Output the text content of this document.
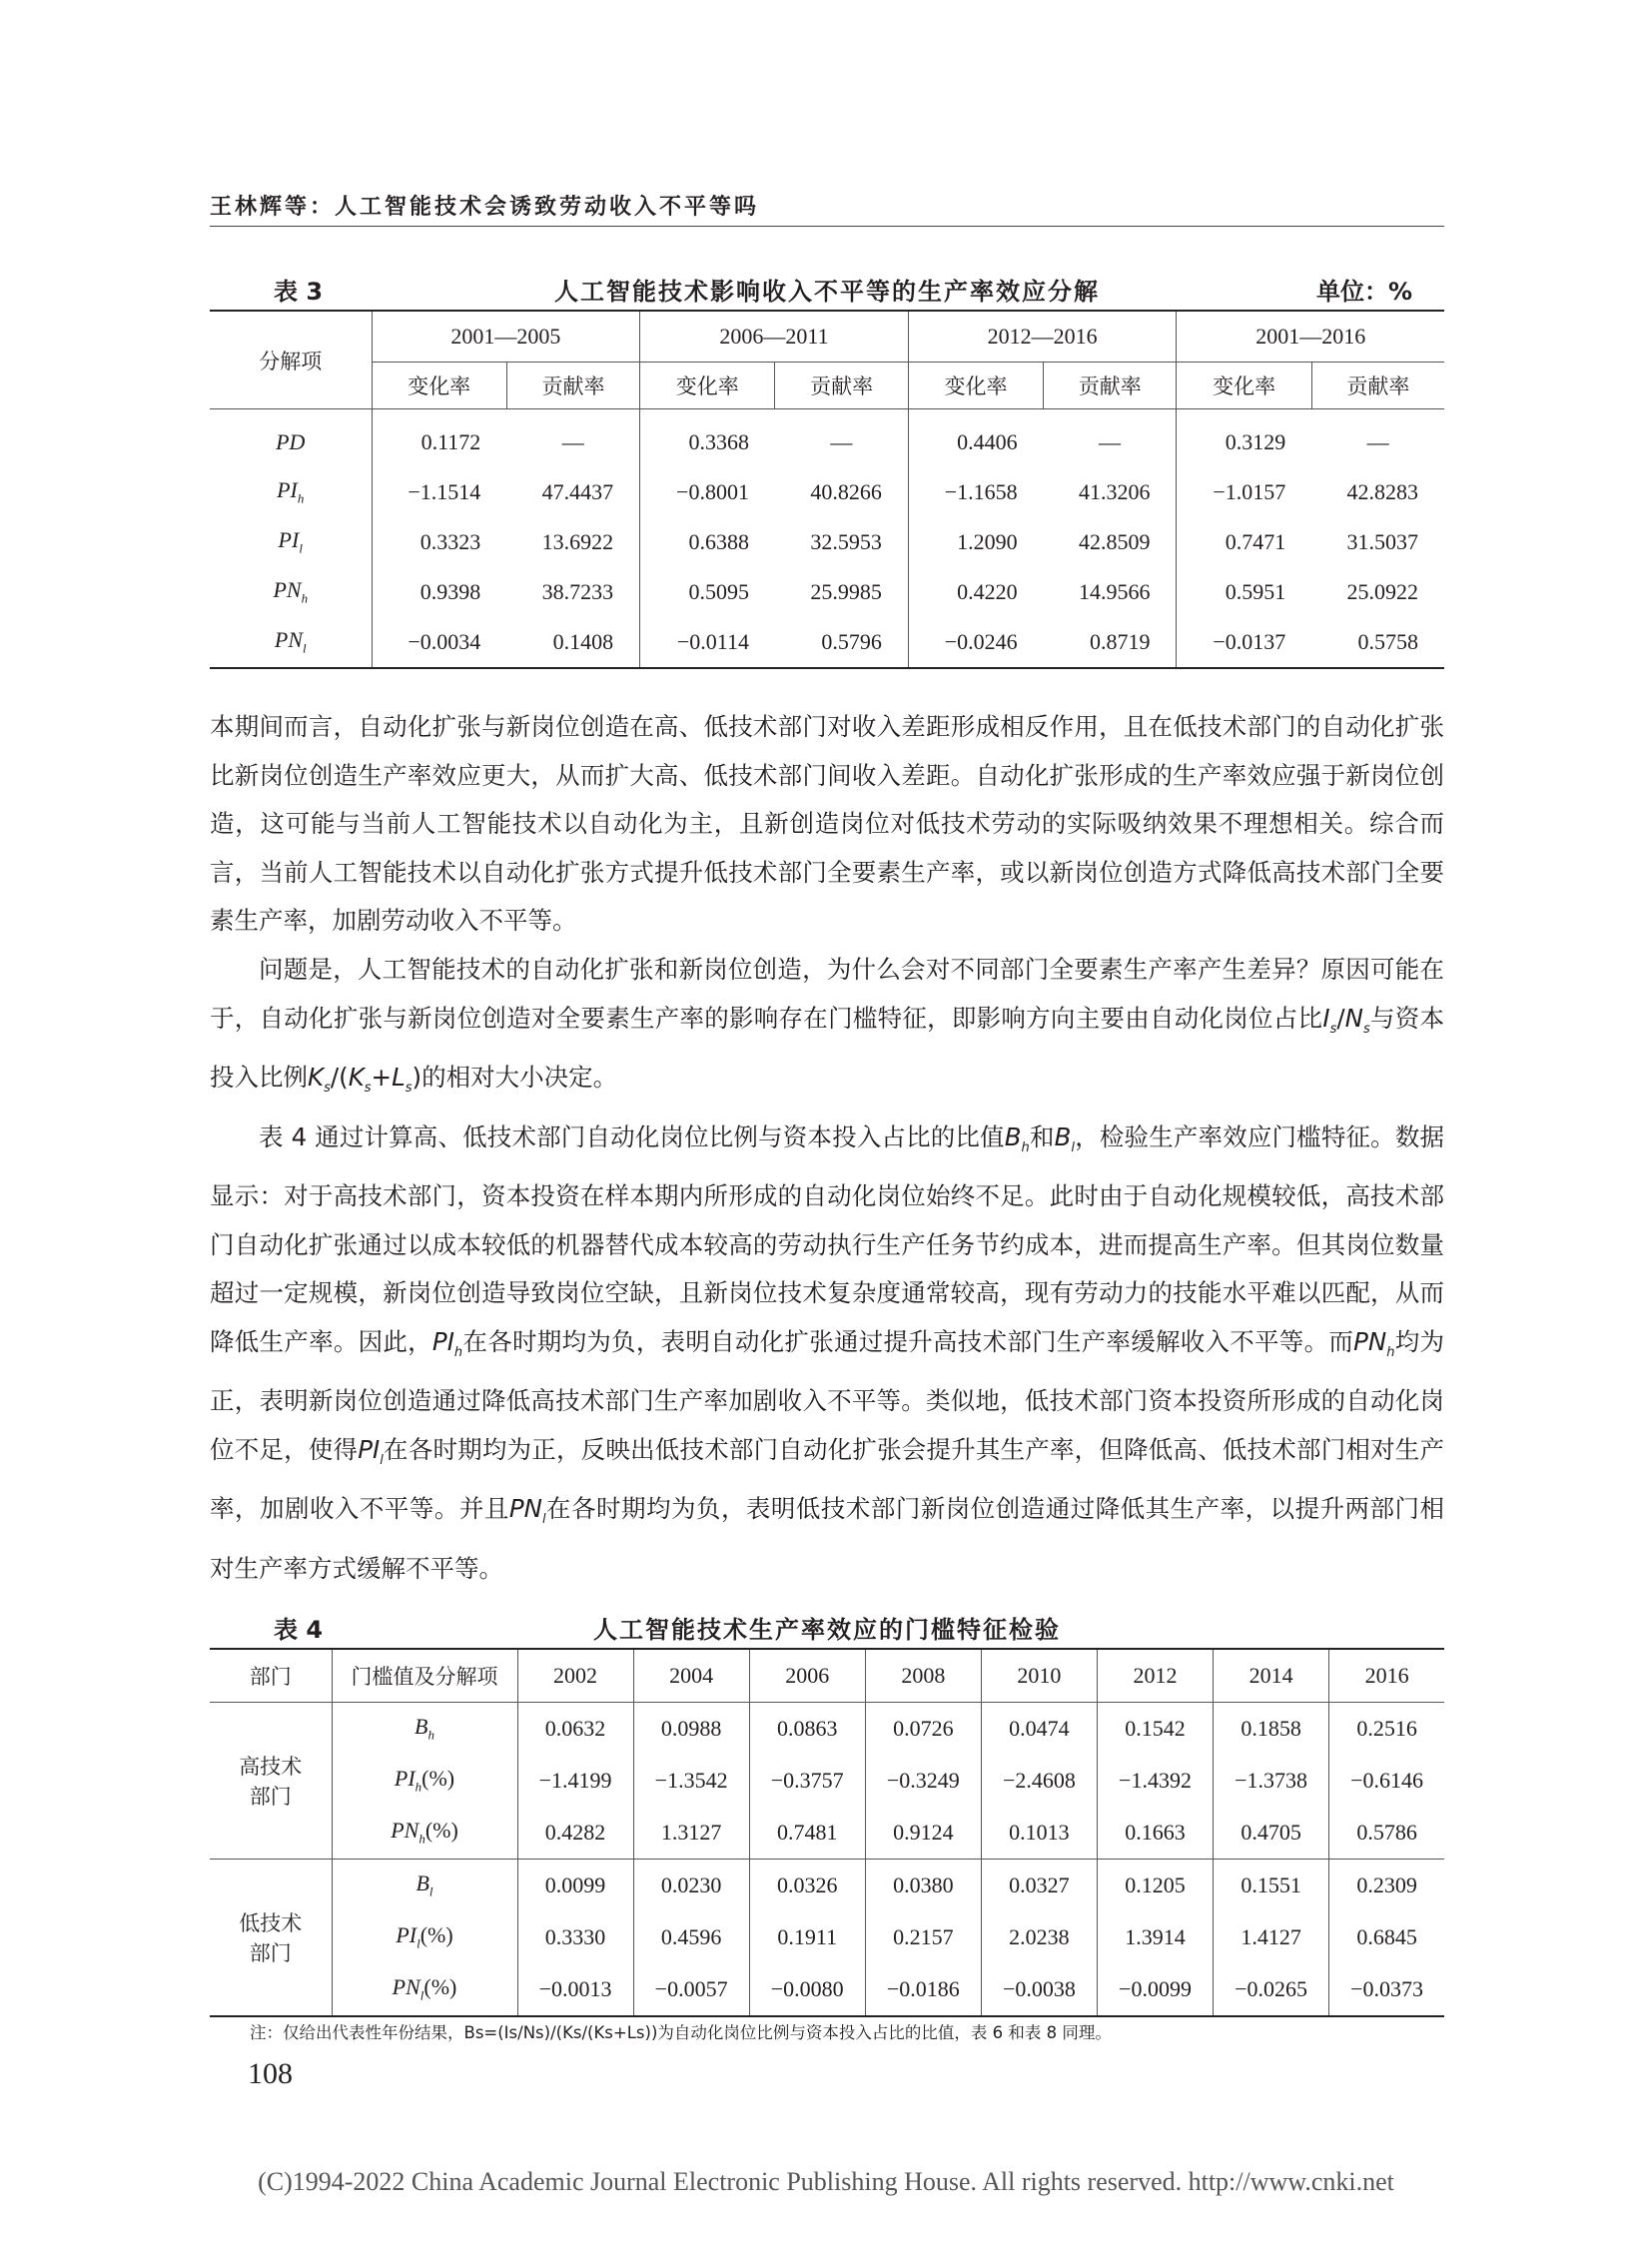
王林辉等：人工智能技术会诱致劳动收入不平等吗
表 3	人工智能技术影响收入不平等的生产率效应分解	单位：%
分解项	2001—2005		2006—2011		2012—2016		2001—2016	
	变化率	贡献率	变化率	贡献率	变化率	贡献率	变化率	贡献率
PD	0.1172	—	0.3368	—	0.4406	—	0.3129	—
$PI_h$	−1.1514	47.4437	−0.8001	40.8266	−1.1658	41.3206	−1.0157	42.8283
$PI_l$	0.3323	13.6922	0.6388	32.5953	1.2090	42.8509	0.7471	31.5037
$PN_h$	0.9398	38.7233	0.5095	25.9985	0.4220	14.9566	0.5951	25.0922
$PN_l$	−0.0034	0.1408	−0.0114	0.5796	−0.0246	0.8719	−0.0137	0.5758

本期间而言，自动化扩张与新岗位创造在高、低技术部门对收入差距形成相反作用，且在低技术部门的自动化扩张比新岗位创造生产率效应更大，从而扩大高、低技术部门间收入差距。自动化扩张形成的生产率效应强于新岗位创造，这可能与当前人工智能技术以自动化为主，且新创造岗位对低技术劳动的实际吸纳效果不理想相关。综合而言，当前人工智能技术以自动化扩张方式提升低技术部门全要素生产率，或以新岗位创造方式降低高技术部门全要素生产率，加剧劳动收入不平等。

问题是，人工智能技术的自动化扩张和新岗位创造，为什么会对不同部门全要素生产率产生差异？原因可能在于，自动化扩张与新岗位创造对全要素生产率的影响存在门槛特征，即影响方向主要由自动化岗位占比$I_s/N_s$与资本投入比例$K_s/(K_s+L_s)$的相对大小决定。

表 4 通过计算高、低技术部门自动化岗位比例与资本投入占比的比值$B_h$和$B_l$，检验生产率效应门槛特征。数据显示：对于高技术部门，资本投资在样本期内所形成的自动化岗位始终不足。此时由于自动化规模较低，高技术部门自动化扩张通过以成本较低的机器替代成本较高的劳动执行生产任务节约成本，进而提高生产率。但其岗位数量超过一定规模，新岗位创造导致岗位空缺，且新岗位技术复杂度通常较高，现有劳动力的技能水平难以匹配，从而降低生产率。因此，$PI_h$在各时期均为负，表明自动化扩张通过提升高技术部门生产率缓解收入不平等。而$PN_h$均为正，表明新岗位创造通过降低高技术部门生产率加剧收入不平等。类似地，低技术部门资本投资所形成的自动化岗位不足，使得$PI_l$在各时期均为正，反映出低技术部门自动化扩张会提升其生产率，但降低高、低技术部门相对生产率，加剧收入不平等。并且$PN_l$在各时期均为负，表明低技术部门新岗位创造通过降低其生产率，以提升两部门相对生产率方式缓解不平等。

表 4	人工智能技术生产率效应的门槛特征检验
部门	门槛值及分解项	2002	2004	2006	2008	2010	2012	2014	2016
高技术
部门	$B_h$	0.0632	0.0988	0.0863	0.0726	0.0474	0.1542	0.1858	0.2516
	$PI_h(\%)$	−1.4199	−1.3542	−0.3757	−0.3249	−2.4608	−1.4392	−1.3738	−0.6146
	$PN_h(\%)$	0.4282	1.3127	0.7481	0.9124	0.1013	0.1663	0.4705	0.5786
低技术
部门	$B_l$	0.0099	0.0230	0.0326	0.0380	0.0327	0.1205	0.1551	0.2309
	$PI_l(\%)$	0.3330	0.4596	0.1911	0.2157	2.0238	1.3914	1.4127	0.6845
	$PN_l(\%)$	−0.0013	−0.0057	−0.0080	−0.0186	−0.0038	−0.0099	−0.0265	−0.0373
注：仅给出代表性年份结果，Bs=(Is/Ns)/(Ks/(Ks+Ls))为自动化岗位比例与资本投入占比的比值，表 6 和表 8 同理。
108
(C)1994-2022 China Academic Journal Electronic Publishing House. All rights reserved. http://www.cnki.net
